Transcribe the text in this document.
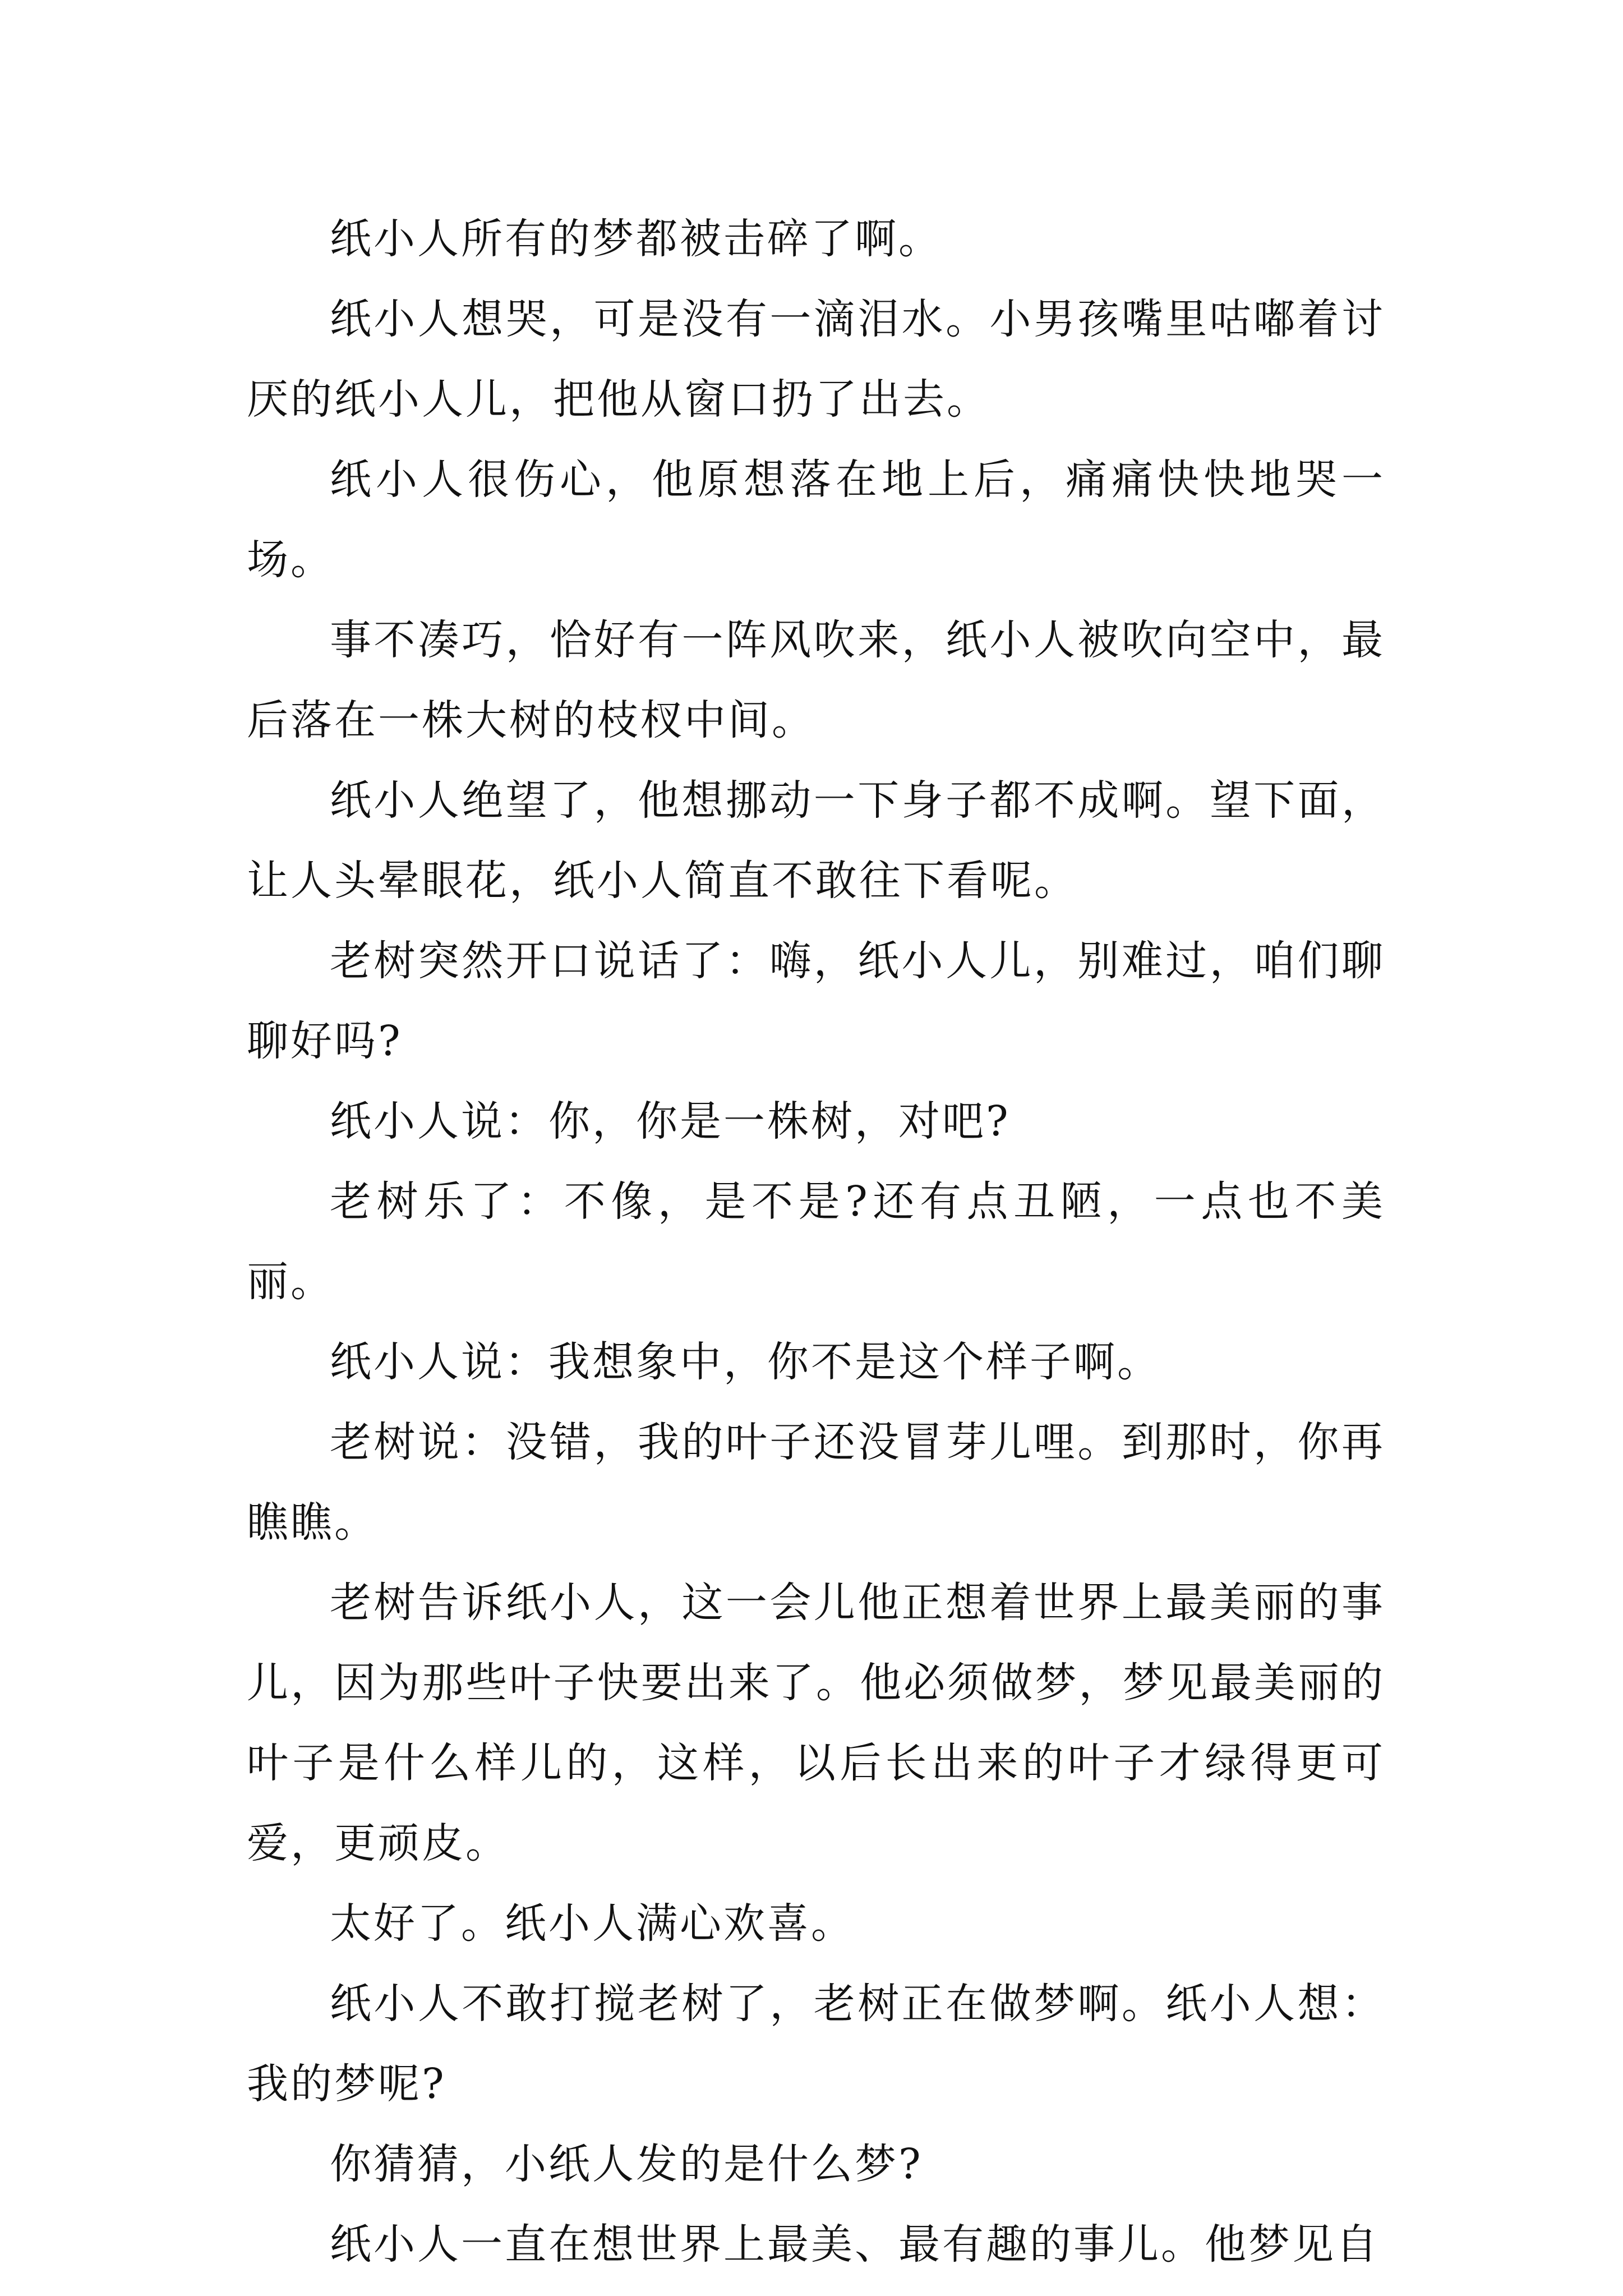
纸小人所有的梦都被击碎了啊。

纸小人想哭，可是没有一滴泪水。小男孩嘴里咕嘟着讨厌的纸小人儿，把他从窗口扔了出去。

纸小人很伤心，他原想落在地上后，痛痛快快地哭一场。

事不凑巧，恰好有一阵风吹来，纸小人被吹向空中，最后落在一株大树的枝杈中间。

纸小人绝望了，他想挪动一下身子都不成啊。望下面，让人头晕眼花，纸小人简直不敢往下看呢。

老树突然开口说话了：嗨，纸小人儿，别难过，咱们聊聊好吗?

纸小人说：你，你是一株树，对吧?

老树乐了：不像，是不是?还有点丑陋，一点也不美丽。

纸小人说：我想象中，你不是这个样子啊。

老树说：没错，我的叶子还没冒芽儿哩。到那时，你再瞧瞧。

老树告诉纸小人，这一会儿他正想着世界上最美丽的事儿，因为那些叶子快要出来了。他必须做梦，梦见最美丽的叶子是什么样儿的，这样，以后长出来的叶子才绿得更可爱，更顽皮。

太好了。纸小人满心欢喜。

纸小人不敢打搅老树了，老树正在做梦啊。纸小人想：我的梦呢?

你猜猜，小纸人发的是什么梦?

纸小人一直在想世界上最美、最有趣的事儿。他梦见自
